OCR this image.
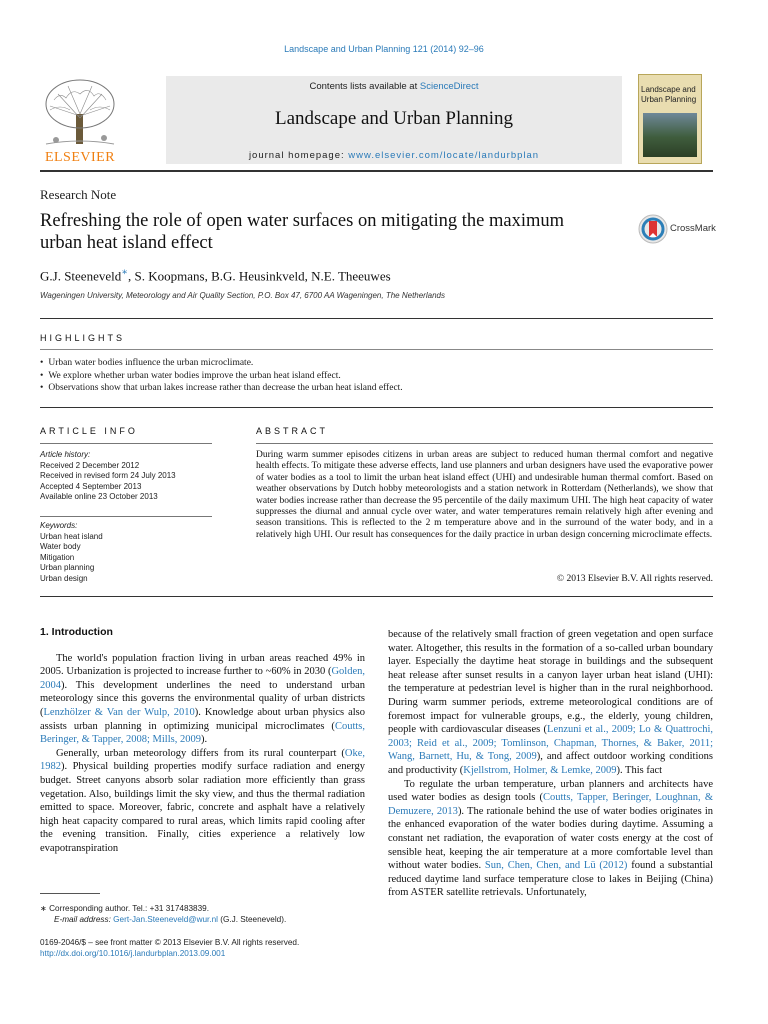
Landscape and Urban Planning 121 (2014) 92–96
ELSEVIER
Contents lists available at ScienceDirect
Landscape and Urban Planning
journal homepage: www.elsevier.com/locate/landurbplan
Landscape and Urban Planning
Research Note
Refreshing the role of open water surfaces on mitigating the maximum urban heat island effect
CrossMark
G.J. Steeneveld∗, S. Koopmans, B.G. Heusinkveld, N.E. Theeuwes
Wageningen University, Meteorology and Air Quality Section, P.O. Box 47, 6700 AA Wageningen, The Netherlands
HIGHLIGHTS
• Urban water bodies influence the urban microclimate.
• We explore whether urban water bodies improve the urban heat island effect.
• Observations show that urban lakes increase rather than decrease the urban heat island effect.
ARTICLE INFO
Article history:
Received 2 December 2012
Received in revised form 24 July 2013
Accepted 4 September 2013
Available online 23 October 2013
Keywords:
Urban heat island
Water body
Mitigation
Urban planning
Urban design
ABSTRACT
During warm summer episodes citizens in urban areas are subject to reduced human thermal comfort and negative health effects. To mitigate these adverse effects, land use planners and urban designers have used the evaporative power of water bodies as a tool to limit the urban heat island effect (UHI) and undesirable human thermal comfort. Based on weather observations by Dutch hobby meteorologists and a station network in Rotterdam (Netherlands), we show that water bodies increase rather than decrease the 95 percentile of the daily maximum UHI. The high heat capacity of water suppresses the diurnal and annual cycle over water, and water temperatures remain relatively high after evening and season transitions. This is reflected to the 2 m temperature above and in the surround of the water body, and in a relatively high UHI. Our result has consequences for the daily practice in urban design concerning microclimate effects.
© 2013 Elsevier B.V. All rights reserved.

1. Introduction

The world's population fraction living in urban areas reached 49% in 2005. Urbanization is projected to increase further to ~60% in 2030 (Golden, 2004). This development underlines the need to understand urban meteorology since this governs the environmental quality of urban districts (Lenzhölzer & Van der Wulp, 2010). Knowledge about urban physics also assists urban planning in optimizing municipal microclimates (Coutts, Beringer, & Tapper, 2008; Mills, 2009).

Generally, urban meteorology differs from its rural counterpart (Oke, 1982). Physical building properties modify surface radiation and energy budget. Street canyons absorb solar radiation more efficiently than grass vegetation. Also, buildings limit the sky view, and thus the thermal radiation emitted to space. Moreover, fabric, concrete and asphalt have a relatively high heat capacity compared to rural areas, which limits rapid cooling after the evening transition. Finally, cities experience a relatively low evapotranspiration

because of the relatively small fraction of green vegetation and open surface water. Altogether, this results in the formation of a so-called urban boundary layer. Especially the daytime heat storage in buildings and the subsequent heat release after sunset results in a canyon layer urban heat island (UHI): the temperature at pedestrian level is higher than in the rural neighborhood. During warm summer periods, extreme meteorological conditions are of foremost impact for vulnerable groups, e.g., the elderly, young children, people with cardiovascular diseases (Lenzuni et al., 2009; Lo & Quattrochi, 2003; Reid et al., 2009; Tomlinson, Chapman, Thornes, & Baker, 2011; Wang, Barnett, Hu, & Tong, 2009), and affect outdoor working conditions and productivity (Kjellstrom, Holmer, & Lemke, 2009). This fact

To regulate the urban temperature, urban planners and architects have used water bodies as design tools (Coutts, Tapper, Beringer, Loughnan, & Demuzere, 2013). The rationale behind the use of water bodies originates in the enhanced evaporation of the water bodies during daytime. Assuming a constant net radiation, the evaporation of water costs energy at the cost of sensible heat, keeping the air temperature at a more comfortable level than without water bodies. Sun, Chen, Chen, and Lü (2012) found a substantial reduced daytime land surface temperature close to lakes in Beijing (China) from ASTER satellite retrievals. Unfortunately,

∗ Corresponding author. Tel.: +31 317483839.
E-mail address: Gert-Jan.Steeneveld@wur.nl (G.J. Steeneveld).
0169-2046/$ – see front matter © 2013 Elsevier B.V. All rights reserved.
http://dx.doi.org/10.1016/j.landurbplan.2013.09.001
